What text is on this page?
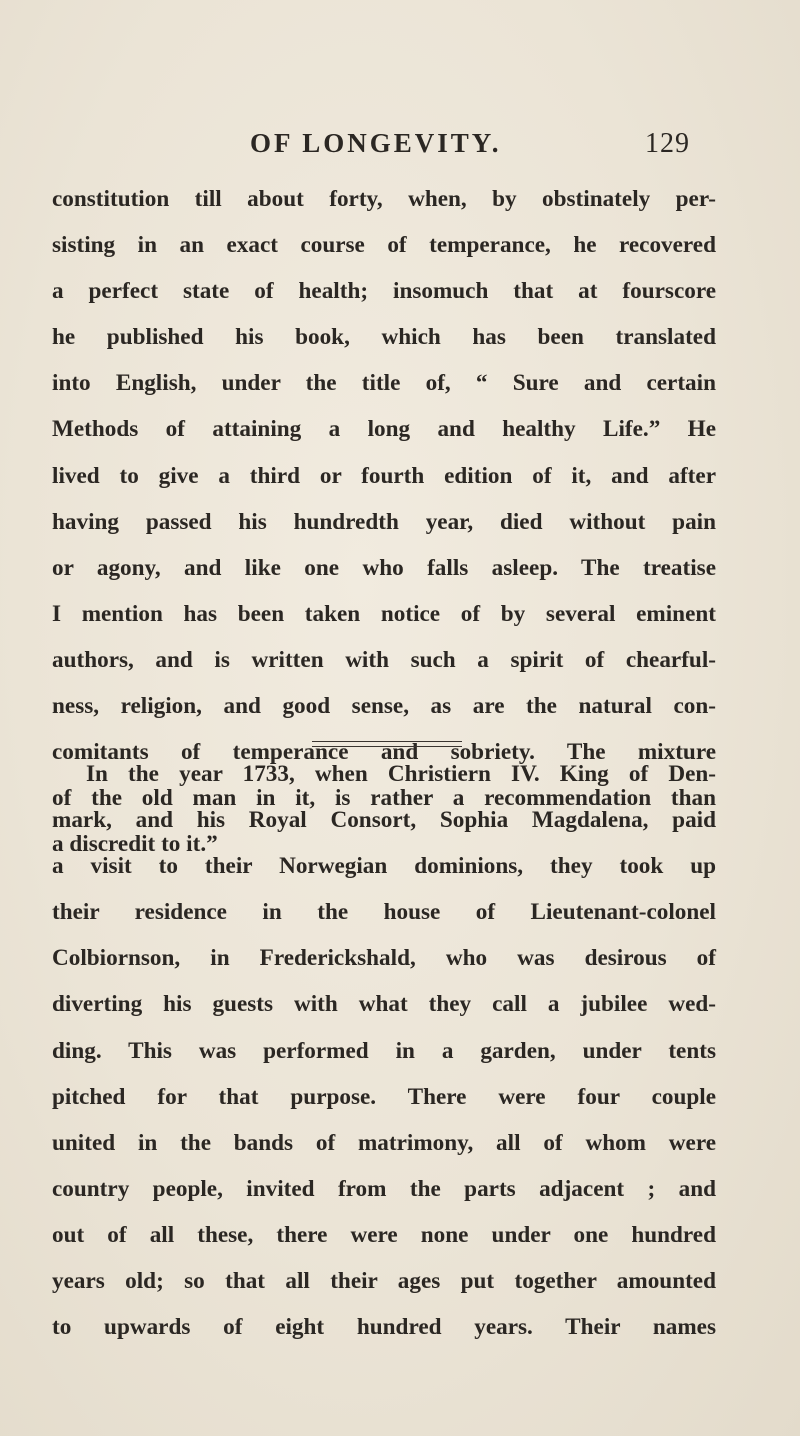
OF LONGEVITY.	129
constitution till about forty, when, by obstinately per-
sisting in an exact course of temperance, he recovered
a perfect state of health; insomuch that at fourscore
he published his book, which has been translated
into English, under the title of, “ Sure and certain
Methods of attaining a long and healthy Life.” He
lived to give a third or fourth edition of it, and after
having passed his hundredth year, died without pain
or agony, and like one who falls asleep. The treatise
I mention has been taken notice of by several eminent
authors, and is written with such a spirit of chearful-
ness, religion, and good sense, as are the natural con-
comitants of temperance and sobriety. The mixture
of the old man in it, is rather a recommendation than
a discredit to it.”
In the year 1733, when Christiern IV. King of Den-
mark, and his Royal Consort, Sophia Magdalena, paid
a visit to their Norwegian dominions, they took up
their residence in the house of Lieutenant-colonel
Colbiornson, in Frederickshald, who was desirous of
diverting his guests with what they call a jubilee wed-
ding. This was performed in a garden, under tents
pitched for that purpose. There were four couple
united in the bands of matrimony, all of whom were
country people, invited from the parts adjacent ; and
out of all these, there were none under one hundred
years old; so that all their ages put together amounted
to upwards of eight hundred years. Their names
